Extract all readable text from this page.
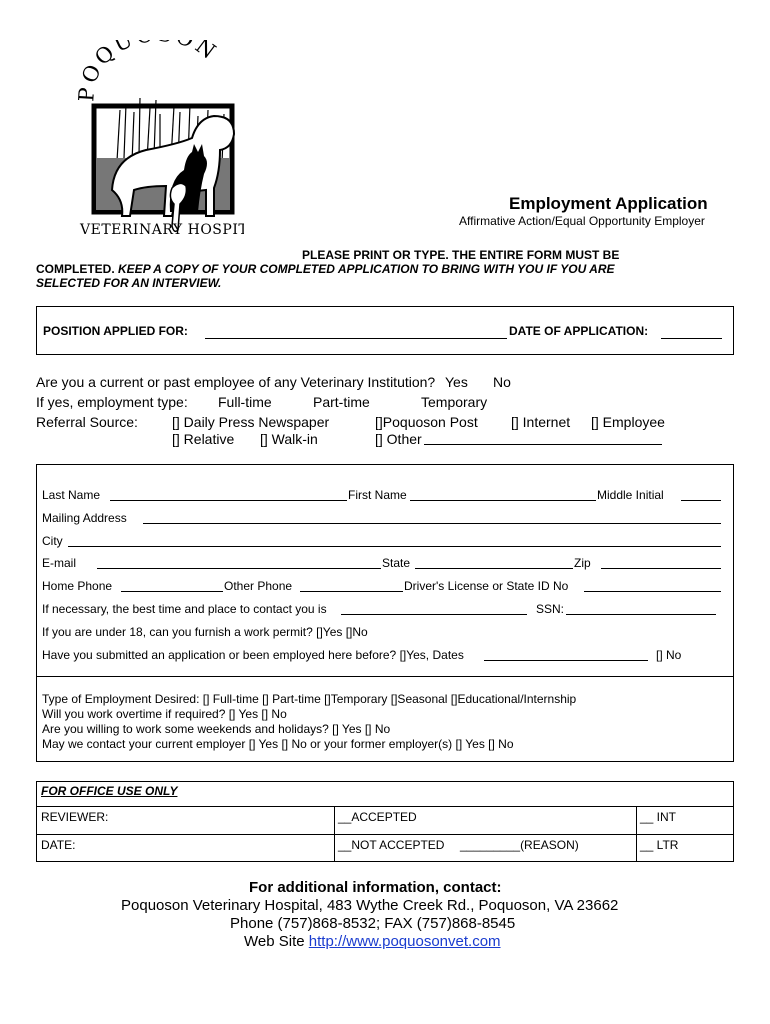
POQU N
VETERINARY HOSPIT
Employment Application
Affirmative Action/Equal Opportunity Employer
PLEASE PRINT OR TYPE. THE ENTIRE FORM MUST BE
COMPLETED. KEEP A COPY OF YOUR COMPLETED APPLICATION TO BRING WITH YOU IF YOU ARE
SELECTED FOR AN INTERVIEW.
POSITION APPLIED FOR:	DATE OF APPLICATION:
Are you a current or past employee of any Veterinary Institution? Yes No
If yes, employment type: Full-time	Part-time	Temporary
Referral Source: [] Daily Press Newspaper	[]Poquoson Post [] Internet [] Employee
[] Relative [] Walk-in	[] Other
Last Name	First Name	Middle Initial
Mailing Address
City
E-mail	State	Zip
Home Phone	Other Phone	Driver's License or State ID No
If necessary, the best time and place to contact you is	SSN:
If you are under 18, can you furnish a work permit? []Yes []No
Have you submitted an application or been employed here before? []Yes, Dates	[] No
Type of Employment Desired: [] Full-time [] Part-time []Temporary []Seasonal []Educational/Internship
Will you work overtime if required? [] Yes [] No
Are you willing to work some weekends and holidays? [] Yes [] No
May we contact your current employer [] Yes [] No or your former employer(s) [] Yes [] No
FOR OFFICE USE ONLY
REVIEWER:	__ACCEPTED	__ INT
DATE:	__NOT ACCEPTED _________(REASON)	__ LTR
For additional information, contact:
Poquoson Veterinary Hospital, 483 Wythe Creek Rd., Poquoson, VA 23662
Phone (757)868-8532; FAX (757)868-8545
Web Site http://www.poquosonvet.com
